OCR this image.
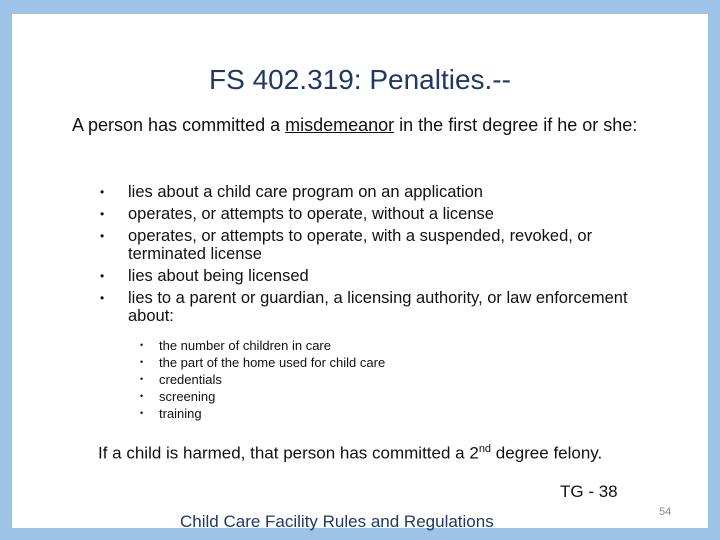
FS 402.319: Penalties.--
A person has committed a misdemeanor in the first degree if he or she:
• lies about a child care program on an application
• operates, or attempts to operate, without a license
• operates, or attempts to operate, with a suspended, revoked, or terminated license
• lies about being licensed
• lies to a parent or guardian, a licensing authority, or law enforcement about:
• the number of children in care
• the part of the home used for child care
• credentials
• screening
• training
If a child is harmed, that person has committed a 2nd degree felony.
TG - 38
Child Care Facility Rules and Regulations	54
